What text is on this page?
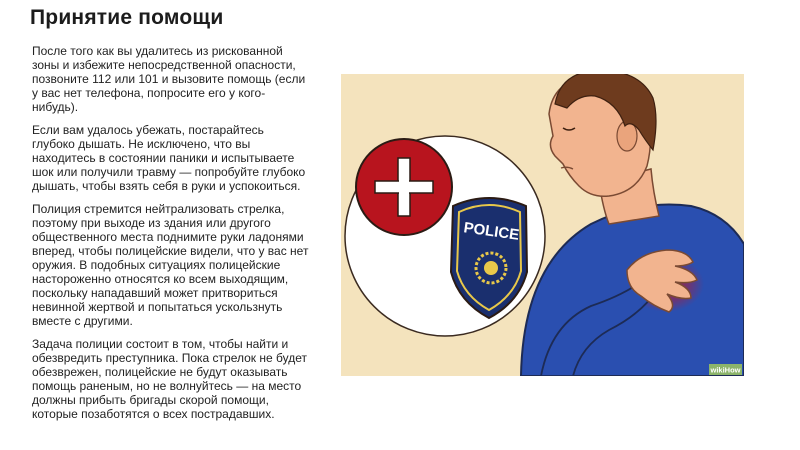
Принятие помощи

После того как вы удалитесь из рискованной зоны и избежите непосредственной опасности, позвоните 112 или 101 и вызовите помощь (если у вас нет телефона, попросите его у кого-нибудь).

Если вам удалось убежать, постарайтесь глубоко дышать. Не исключено, что вы находитесь в состоянии паники и испытываете шок или получили травму — попробуйте глубоко дышать, чтобы взять себя в руки и успокоиться.

Полиция стремится нейтрализовать стрелка, поэтому при выходе из здания или другого общественного места поднимите руки ладонями вперед, чтобы полицейские видели, что у вас нет оружия. В подобных ситуациях полицейские настороженно относятся ко всем выходящим, поскольку нападавший может притвориться невинной жертвой и попытаться ускользнуть вместе с другими.

Задача полиции состоит в том, чтобы найти и обезвредить преступника. Пока стрелок не будет обезврежен, полицейские не будут оказывать помощь раненым, но не волнуйтесь — на место должны прибыть бригады скорой помощи, которые позаботятся о всех пострадавших.

POLICE
wikiHow
